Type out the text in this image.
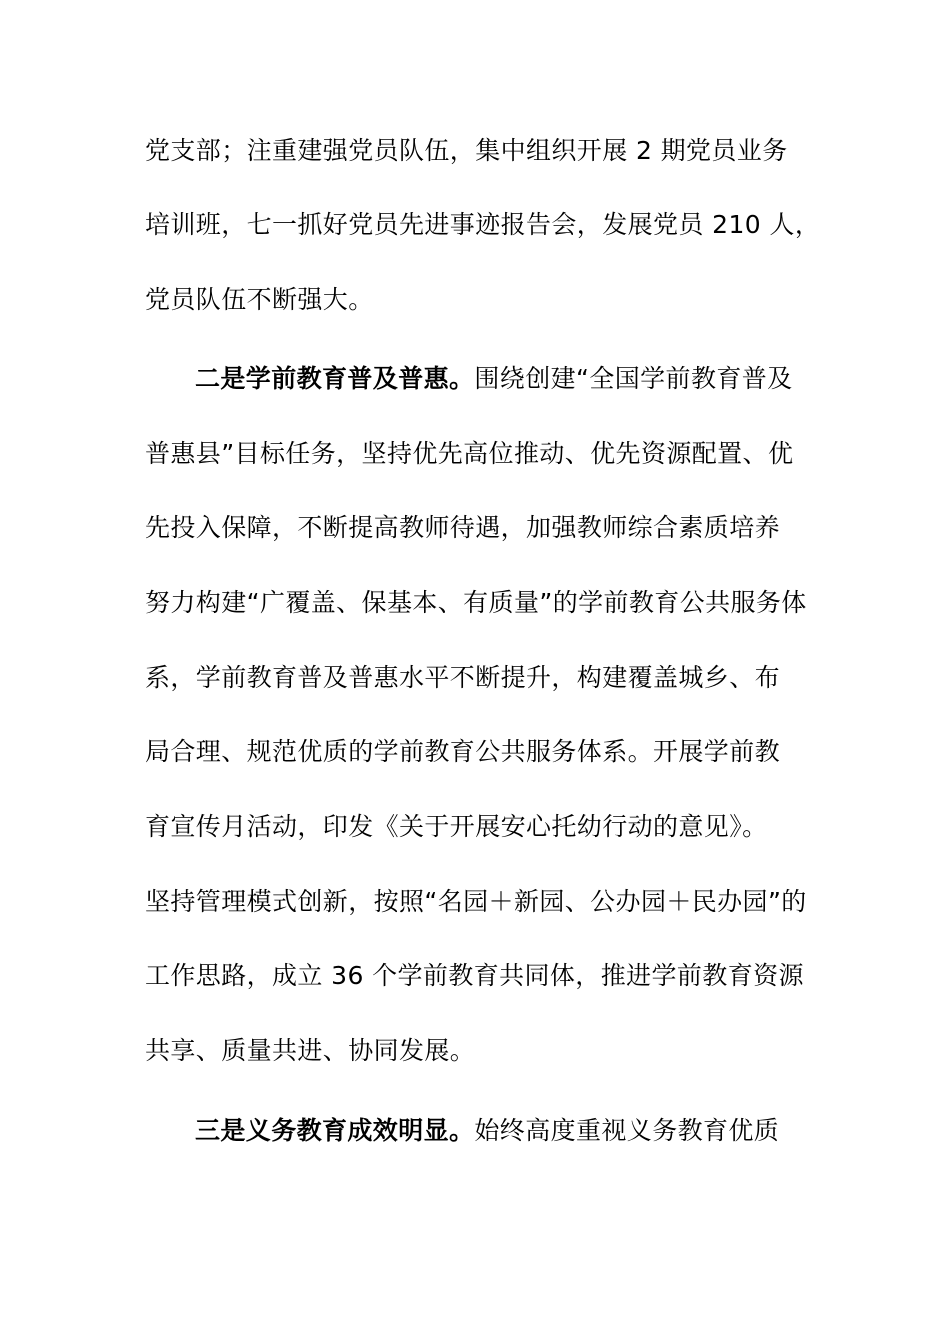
党支部；注重建强党员队伍，集中组织开展 2 期党员业务
培训班，七一抓好党员先进事迹报告会，发展党员 210 人，
党员队伍不断强大。
二是学前教育普及普惠。围绕创建“全国学前教育普及
普惠县”目标任务，坚持优先高位推动、优先资源配置、优
先投入保障，不断提高教师待遇，加强教师综合素质培养
努力构建“广覆盖、保基本、有质量”的学前教育公共服务体
系，学前教育普及普惠水平不断提升，构建覆盖城乡、布
局合理、规范优质的学前教育公共服务体系。开展学前教
育宣传月活动，印发《关于开展安心托幼行动的意见》。
坚持管理模式创新，按照“名园＋新园、公办园＋民办园”的
工作思路，成立 36 个学前教育共同体，推进学前教育资源
共享、质量共进、协同发展。
三是义务教育成效明显。始终高度重视义务教育优质
